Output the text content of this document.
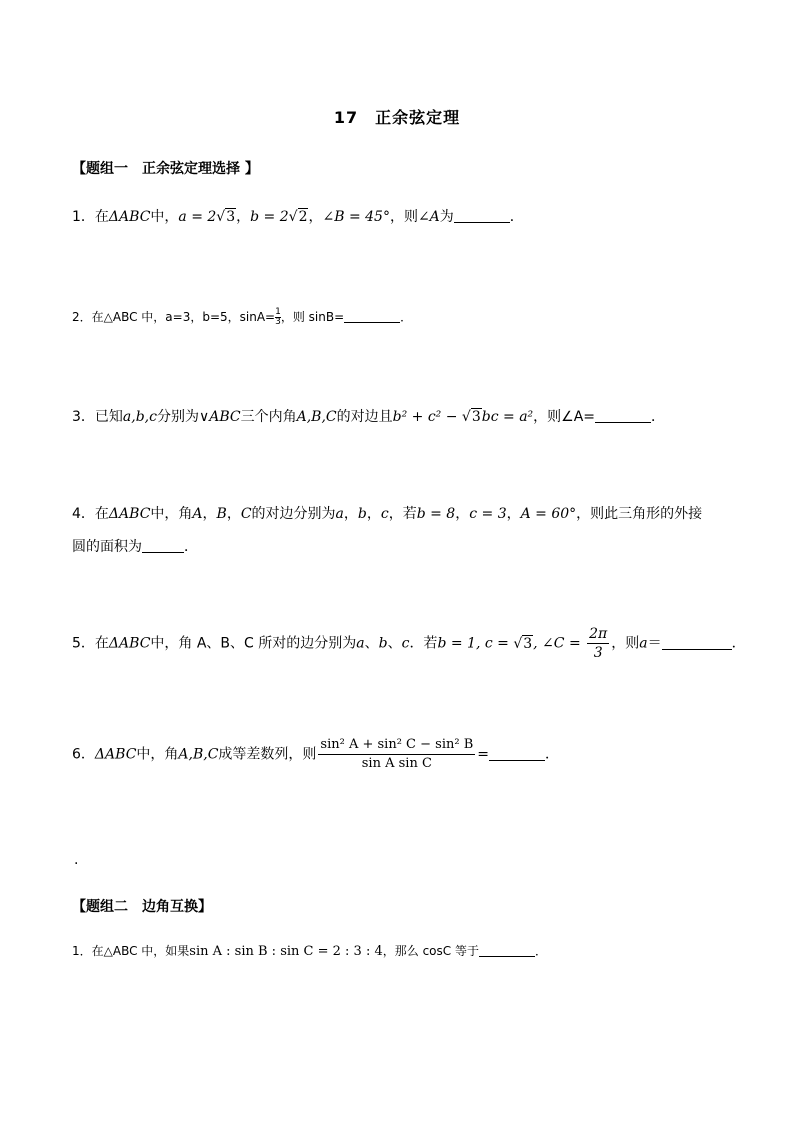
17　正余弦定理
【题组一　正余弦定理选择 】
1．在ΔABC中，a = 2√3，b = 2√2，∠B = 45°，则∠A为	．
2．在△ABC 中，a=3，b=5，$\sin A= \frac{1}{3}$，则 sinB=	．
3．已知a,b,c分别为∨ABC三个内角A,B,C的对边且b² + c² − √3bc = a²，则∠A=	．
4．在ΔABC中，角A，B，C的对边分别为a，b，c，若b = 8，c = 3，A = 60°，则此三角形的外接
圆的面积为	．
5．在ΔABC中，角 A、B、C 所对的边分别为a、b、c．若b = 1, c = √3, ∠C = $\frac{2\pi}{3}$ ，则a＝	．
6．ΔABC中，角A,B,C成等差数列，则 $\frac{\text{sin² A + sin² C − sin² B}}{\text{sin A sin C}}$ =	．
.
【题组二　边角互换】
1．在△ABC 中，如果sin A : sin B : sin C = 2 : 3 : 4，那么 cosC 等于	．
